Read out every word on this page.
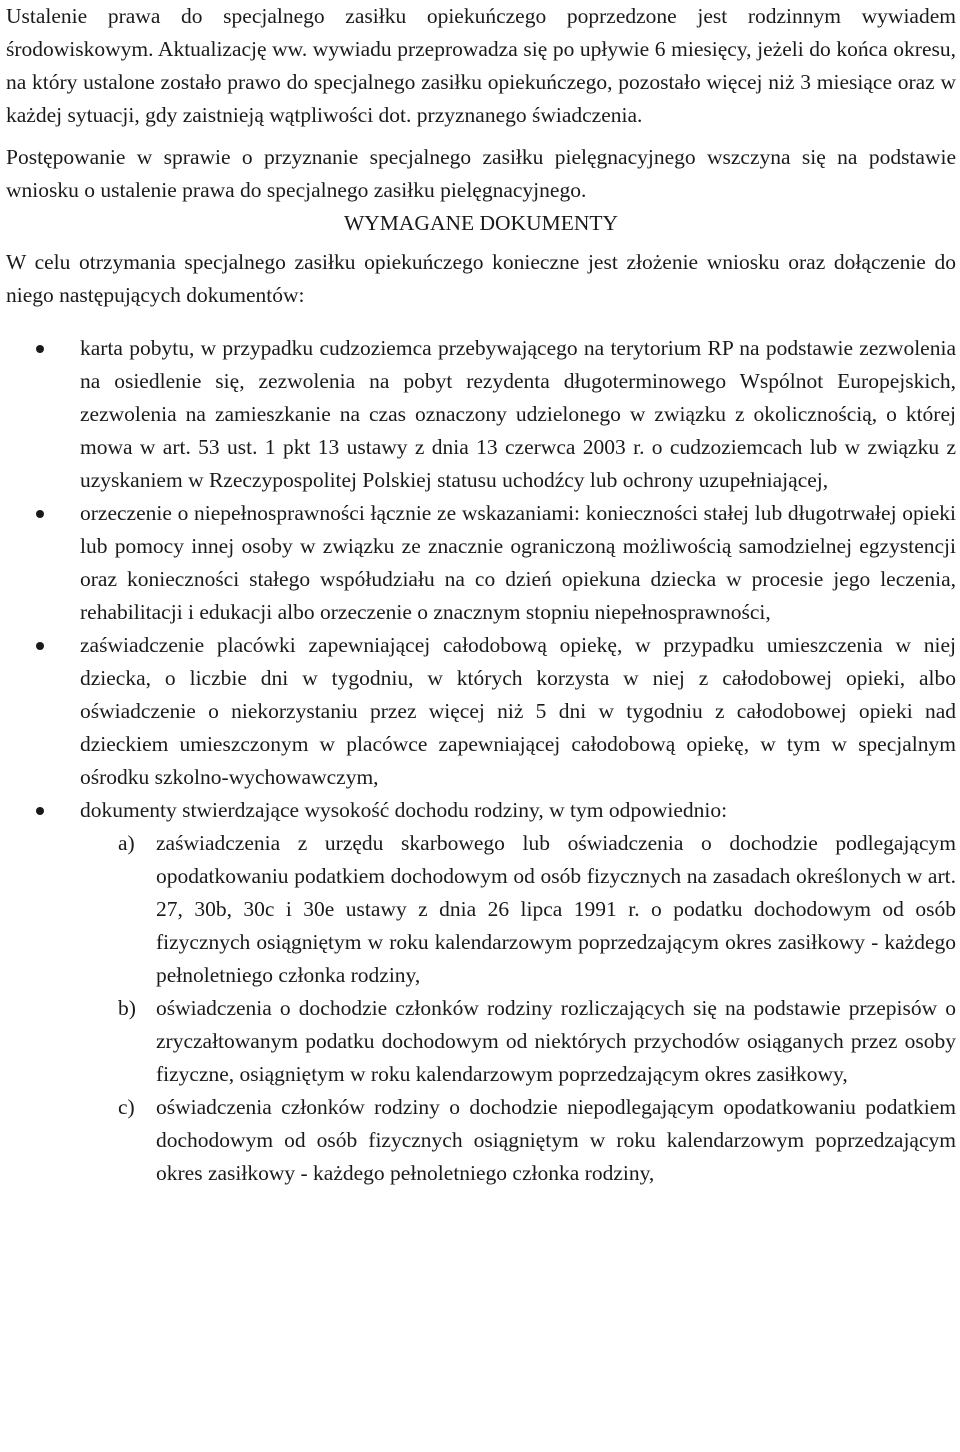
Ustalenie prawa do specjalnego zasiłku opiekuńczego poprzedzone jest rodzinnym wywiadem środowiskowym. Aktualizację ww. wywiadu przeprowadza się po upływie 6 miesięcy, jeżeli do końca okresu, na który ustalone zostało prawo do specjalnego zasiłku opiekuńczego, pozostało więcej niż 3 miesiące oraz w każdej sytuacji, gdy zaistnieją wątpliwości dot. przyznanego świadczenia.

Postępowanie w sprawie o przyznanie specjalnego zasiłku pielęgnacyjnego wszczyna się na podstawie wniosku o ustalenie prawa do specjalnego zasiłku pielęgnacyjnego.

WYMAGANE DOKUMENTY

W celu otrzymania specjalnego zasiłku opiekuńczego konieczne jest złożenie wniosku oraz dołączenie do niego następujących dokumentów:

karta pobytu, w przypadku cudzoziemca przebywającego na terytorium RP na podstawie zezwolenia na osiedlenie się, zezwolenia na pobyt rezydenta długoterminowego Wspólnot Europejskich, zezwolenia na zamieszkanie na czas oznaczony udzielonego w związku z okolicznością, o której mowa w art. 53 ust. 1 pkt 13 ustawy z dnia 13 czerwca 2003 r. o cudzoziemcach lub w związku z uzyskaniem w Rzeczypospolitej Polskiej statusu uchodźcy lub ochrony uzupełniającej,
orzeczenie o niepełnosprawności łącznie ze wskazaniami: konieczności stałej lub długotrwałej opieki lub pomocy innej osoby w związku ze znacznie ograniczoną możliwością samodzielnej egzystencji oraz konieczności stałego współudziału na co dzień opiekuna dziecka w procesie jego leczenia, rehabilitacji i edukacji albo orzeczenie o znacznym stopniu niepełnosprawności,
zaświadczenie placówki zapewniającej całodobową opiekę, w przypadku umieszczenia w niej dziecka, o liczbie dni w tygodniu, w których korzysta w niej z całodobowej opieki, albo oświadczenie o niekorzystaniu przez więcej niż 5 dni w tygodniu z całodobowej opieki nad dzieckiem umieszczonym w placówce zapewniającej całodobową opiekę, w tym w specjalnym ośrodku szkolno-wychowawczym,
dokumenty stwierdzające wysokość dochodu rodziny, w tym odpowiednio:
a) zaświadczenia z urzędu skarbowego lub oświadczenia o dochodzie podlegającym opodatkowaniu podatkiem dochodowym od osób fizycznych na zasadach określonych w art. 27, 30b, 30c i 30e ustawy z dnia 26 lipca 1991 r. o podatku dochodowym od osób fizycznych osiągniętym w roku kalendarzowym poprzedzającym okres zasiłkowy - każdego pełnoletniego członka rodziny,
b) oświadczenia o dochodzie członków rodziny rozliczających się na podstawie przepisów o zryczałtowanym podatku dochodowym od niektórych przychodów osiąganych przez osoby fizyczne, osiągniętym w roku kalendarzowym poprzedzającym okres zasiłkowy,
c) oświadczenia członków rodziny o dochodzie niepodlegającym opodatkowaniu podatkiem dochodowym od osób fizycznych osiągniętym w roku kalendarzowym poprzedzającym okres zasiłkowy - każdego pełnoletniego członka rodziny,
